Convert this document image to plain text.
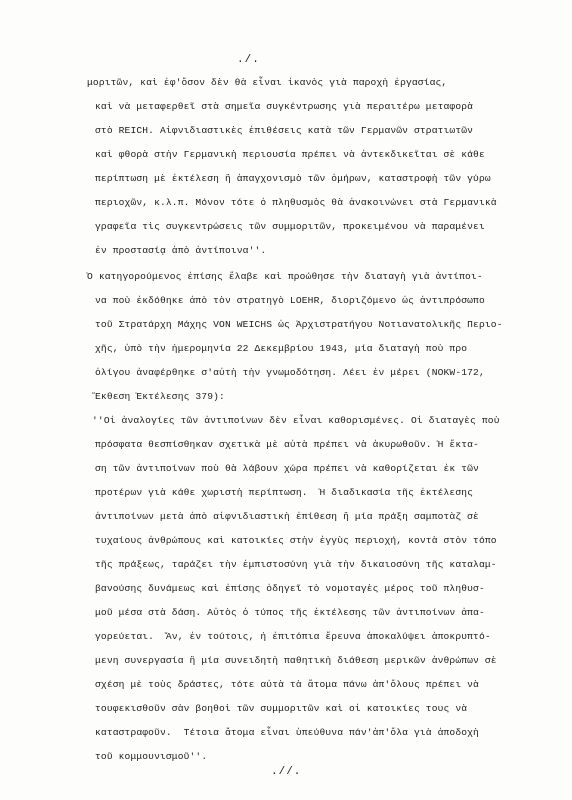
./.
μοριτῶν, καὶ ἐφ'ὅσον δὲν θὰ εἶναι ἱκανὸς γιὰ παροχὴ ἐργασίας,
καὶ νὰ μεταφερθεῖ στὰ σημεῖα συγκέντρωσης γιὰ περαιτέρω μεταφορὰ
στὸ REICH. Αἰφνιδιαστικὲς ἐπιθέσεις κατὰ τῶν Γερμανῶν στρατιωτῶν
καὶ φθορὰ στὴν Γερμανικὴ περιουσία πρέπει νὰ ἀντεκδικεῖται σὲ κάθε
περίπτωση μὲ ἐκτέλεση ἢ ἀπαγχονισμὸ τῶν ὁμήρων, καταστροφὴ τῶν γύρω
περιοχῶν, κ.λ.π. Μόνον τότε ὁ πληθυσμὸς θὰ ἀνακοινώνει στὰ Γερμανικὰ
γραφεῖα τὶς συγκεντρώσεις τῶν συμμοριτῶν, προκειμένου νὰ παραμένει
ἐν προστασίᾳ ἀπὸ ἀντίποινα''.
Ὁ κατηγορούμενος ἐπίσης ἔλαβε καὶ προώθησε τὴν διαταγὴ γιὰ ἀντίποι-
να ποὺ ἐκδόθηκε ἀπὸ τὸν στρατηγὸ LOEHR, διοριζόμενο ὡς ἀντιπρόσωπο
τοῦ Στρατάρχη Μάχης VON WEICHS ὡς Ἀρχιστρατήγου Νοτιανατολικῆς Περιο-
χῆς, ὑπὸ τὴν ἡμερομηνία 22 Δεκεμβρίου 1943, μία διαταγὴ ποὺ προ
ὀλίγου ἀναφέρθηκε σ'αὐτὴ τὴν γνωμοδότηση. Λέει ἐν μέρει (NOKW-172,
Ἔκθεση Ἐκτέλεσης 379):
''Οἱ ἀναλογίες τῶν ἀντιποίνων δὲν εἶναι καθορισμένες. Οἱ διαταγὲς ποὺ
πρόσφατα θεσπίσθηκαν σχετικὰ μὲ αὐτὰ πρέπει νὰ ἀκυρωθοῦν. Ἡ ἔκτα-
ση τῶν ἀντιποίνων ποὺ θὰ λάβουν χώρα πρέπει νὰ καθορίζεται ἐκ τῶν
προτέρων γιὰ κάθε χωριστὴ περίπτωση.  Ἡ διαδικασία τῆς ἐκτέλεσης
ἀντιποίνων μετὰ ἀπὸ αἰφνιδιαστικὴ ἐπίθεση ἢ μία πράξη σαμποτὰζ σὲ
τυχαίους ἀνθρώπους καὶ κατοικίες στὴν ἐγγὺς περιοχή, κοντὰ στὸν τόπο
τῆς πράξεως, ταράζει τὴν ἐμπιστοσύνη γιὰ τὴν δικαιοσύνη τῆς καταλαμ-
βανούσης δυνάμεως καὶ ἐπίσης ὁδηγεῖ τὸ νομοταγὲς μέρος τοῦ πληθυσ-
μοῦ μέσα στὰ δάση. Αὐτὸς ὁ τύπος τῆς ἐκτέλεσης τῶν ἀντιποίνων ἀπα-
γορεύεται.  Ἄν, ἐν τούτοις, ἡ ἐπιτόπια ἔρευνα ἀποκαλύψει ἀποκρυπτό-
μενη συνεργασία ἢ μία συνειδητὴ παθητικὴ διάθεση μερικῶν ἀνθρώπων σὲ
σχέση μὲ τοὺς δράστες, τότε αὐτὰ τὰ ἄτομα πάνω ἀπ'ὅλους πρέπει νὰ
τουφεκισθοῦν σὰν βοηθοὶ τῶν συμμοριτῶν καὶ οἱ κατοικίες τους νὰ
καταστραφοῦν.  Τέτοια ἄτομα εἶναι ὑπεύθυνα πάν'ἀπ'ὅλα γιὰ ἀποδοχὴ
τοῦ κομμουνισμοῦ''.
.//.
